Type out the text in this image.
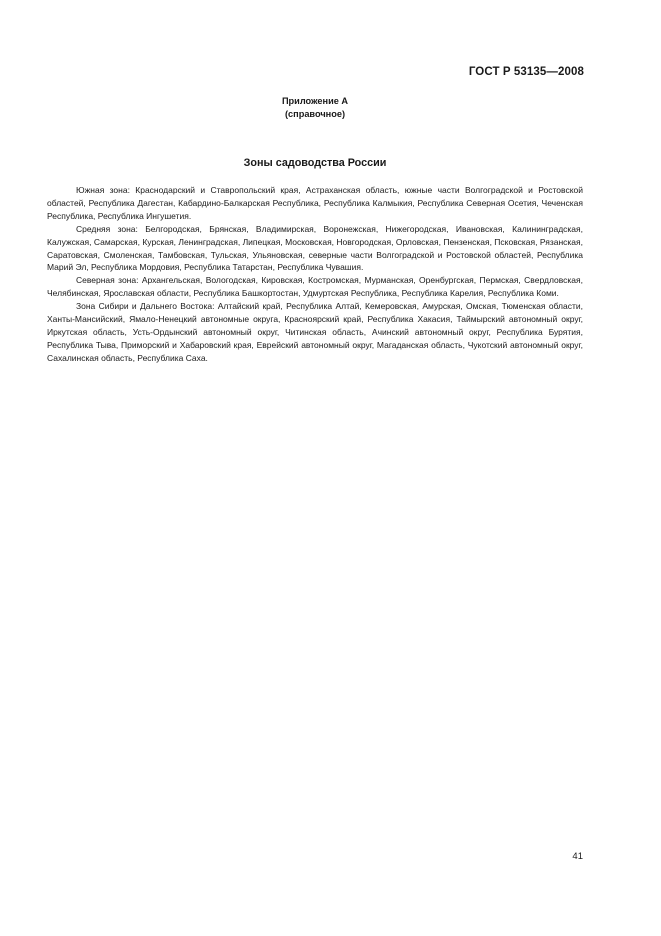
ГОСТ Р 53135—2008
Приложение А
(справочное)
Зоны садоводства России

Южная зона: Краснодарский и Ставропольский края, Астраханская область, южные части Волгоградской и Ростовской областей, Республика Дагестан, Кабардино-Балкарская Республика, Республика Калмыкия, Республика Северная Осетия, Чеченская Республика, Республика Ингушетия.

Средняя зона: Белгородская, Брянская, Владимирская, Воронежская, Нижегородская, Ивановская, Калининградская, Калужская, Самарская, Курская, Ленинградская, Липецкая, Московская, Новгородская, Орловская, Пензенская, Псковская, Рязанская, Саратовская, Смоленская, Тамбовская, Тульская, Ульяновская, северные части Волгоградской и Ростовской областей, Республика Марий Эл, Республика Мордовия, Республика Татарстан, Республика Чувашия.

Северная зона: Архангельская, Вологодская, Кировская, Костромская, Мурманская, Оренбургская, Пермская, Свердловская, Челябинская, Ярославская области, Республика Башкортостан, Удмуртская Республика, Республика Карелия, Республика Коми.

Зона Сибири и Дальнего Востока: Алтайский край, Республика Алтай, Кемеровская, Амурская, Омская, Тюменская области, Ханты-Мансийский, Ямало-Ненецкий автономные округа, Красноярский край, Республика Хакасия, Таймырский автономный округ, Иркутская область, Усть-Ордынский автономный округ, Читинская область, Ачинский автономный округ, Республика Бурятия, Республика Тыва, Приморский и Хабаровский края, Еврейский автономный округ, Магаданская область, Чукотский автономный округ, Сахалинская область, Республика Саха.

41
